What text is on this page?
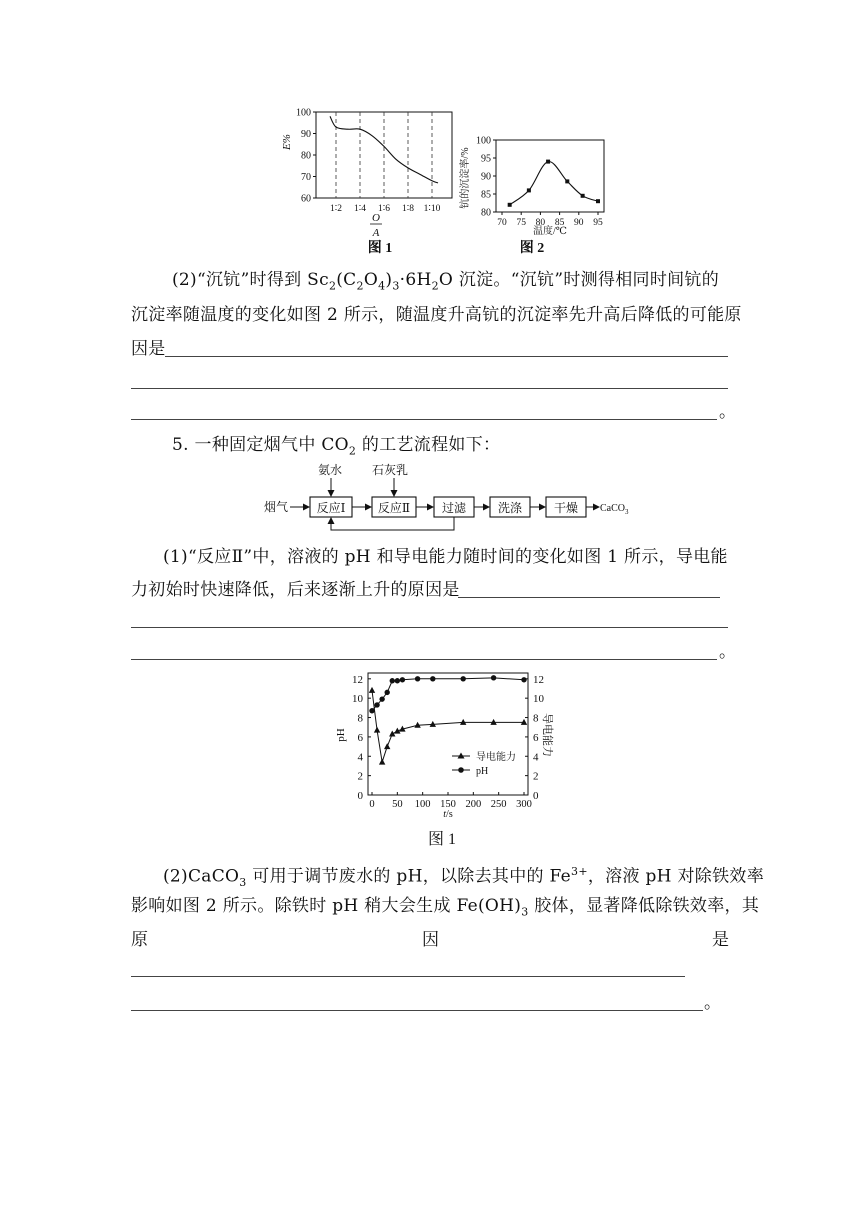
100
90
80
70
60
1∶2 1∶4 1∶6 1∶8 1∶10
E%
O
A
图 1
100
95
90
85
80
70 75 80 85 90 95
钪的沉淀率/%
温度/℃
图 2
(2)“沉钪”时得到 $Sc_2(C_2O_4)_3\cdot 6H_2O$ 沉淀。“沉钪”时测得相同时间钪的
沉淀率随温度的变化如图 2 所示，随温度升高钪的沉淀率先升高后降低的可能原
因是
。
5. 一种固定烟气中 $CO_2$ 的工艺流程如下：
烟气 反应Ⅰ	反应Ⅱ	过滤	洗涤	干燥 CaCO$_3$
氨水 石灰乳
(1)“反应Ⅱ”中，溶液的 pH 和导电能力随时间的变化如图 1 所示，导电能
力初始时快速降低，后来逐渐上升的原因是
。
0	0
2	2
4	4
6	6
8	8
10	10
12	12
0 50 100 150 200 250 300
pH	导电能力
t/s
导电能力
pH
图 1
(2)CaCO$_3$ 可用于调节废水的 pH，以除去其中的 $Fe^{3+}$，溶液 pH 对除铁效率
影响如图 2 所示。除铁时 pH 稍大会生成 $Fe(OH)_3$ 胶体，显著降低除铁效率，其
原	因	是
。
